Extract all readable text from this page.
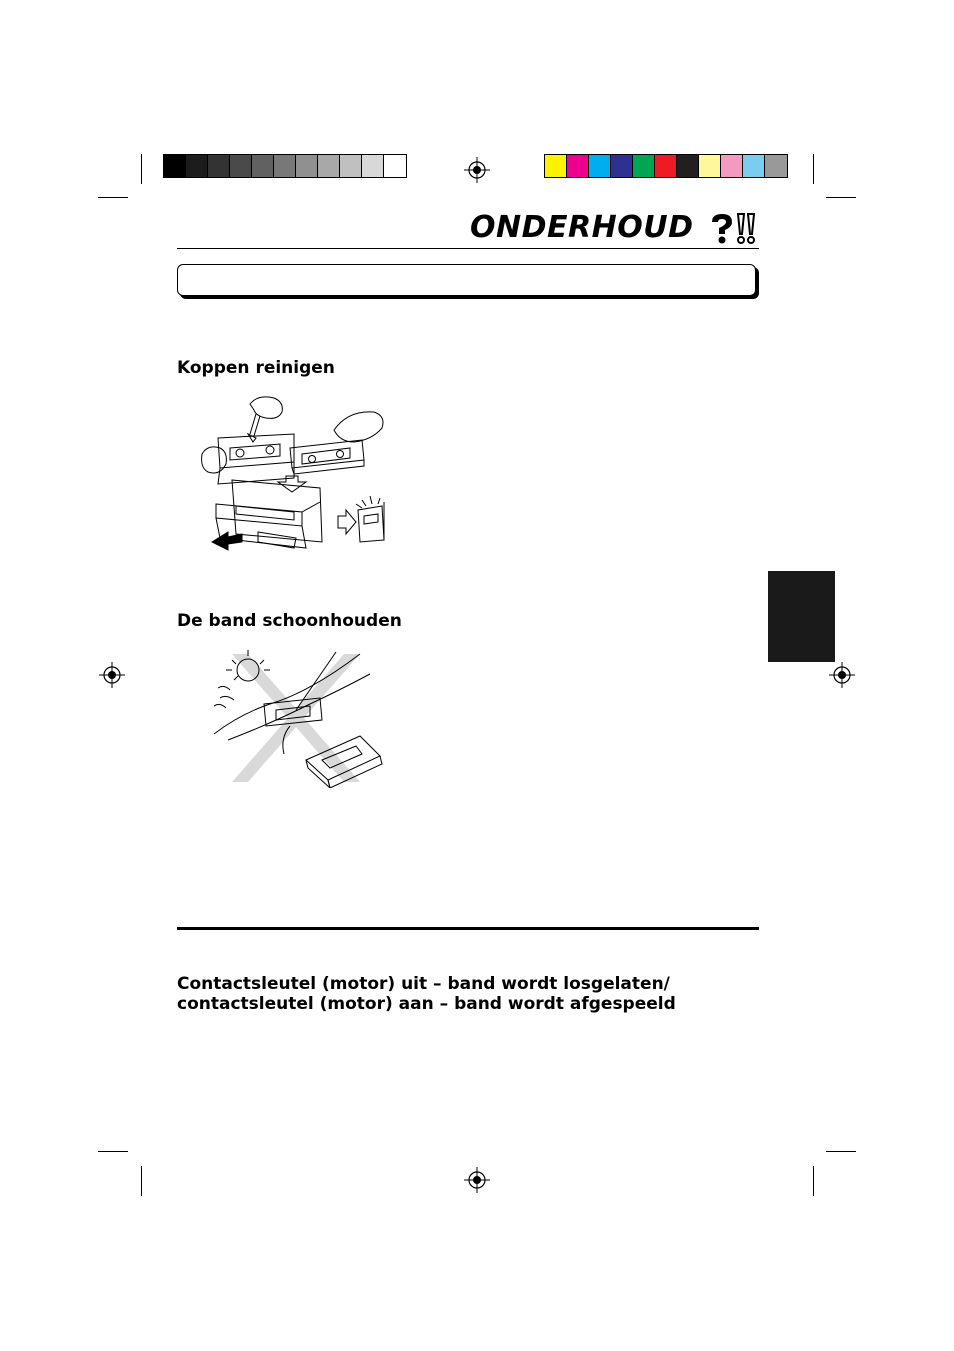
ONDERHOUD
Koppen reinigen
De band schoonhouden
Contactsleutel (motor) uit – band wordt losgelaten/
contactsleutel (motor) aan – band wordt afgespeeld
